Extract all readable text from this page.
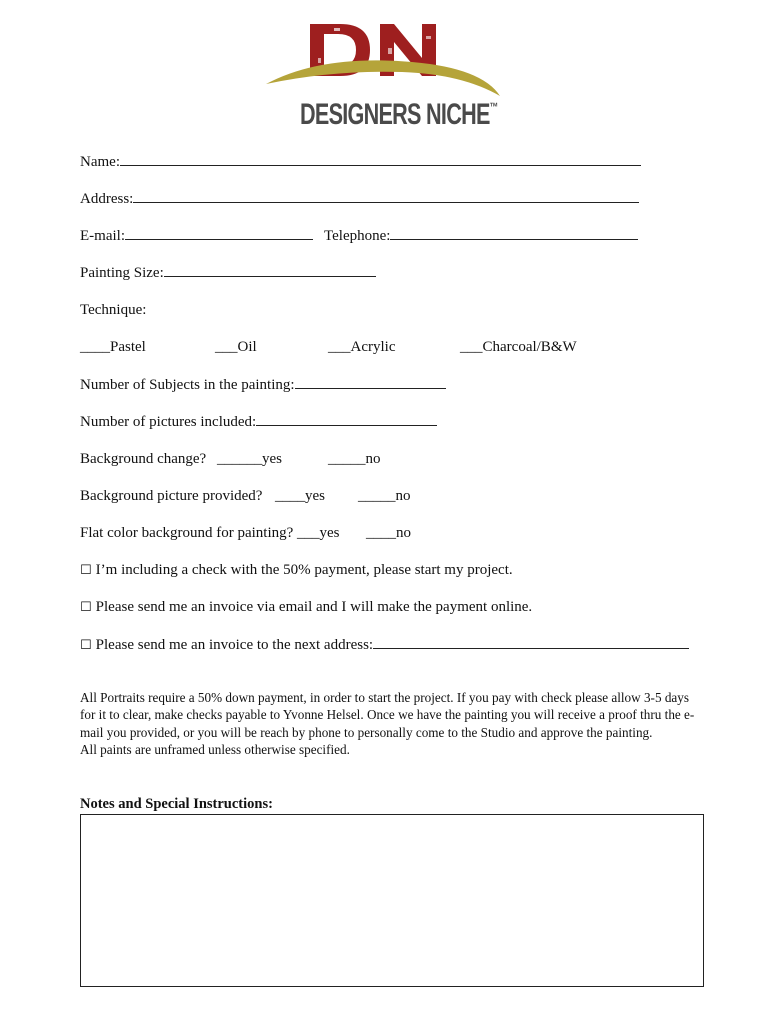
DESIGNERS NICHE™
Name:
Address:
E-mail:	Telephone:
Painting Size:
Technique:
____Pastel	___Oil	___Acrylic	___Charcoal/B&W
Number of Subjects in the painting:
Number of pictures included:
Background change? ______yes	_____no
Background picture provided? ____yes _____no
Flat color background for painting? ___yes ____no
☐ I’m including a check with the 50% payment, please start my project.
☐ Please send me an invoice via email and I will make the payment online.
☐ Please send me an invoice to the next address:

All Portraits require a 50% down payment, in order to start the project. If you pay with check please allow 3-5 days for it to clear, make checks payable to Yvonne Helsel. Once we have the painting you will receive a proof thru the e-mail you provided, or you will be reach by phone to personally come to the Studio and approve the painting.

All paints are unframed unless otherwise specified.

Notes and Special Instructions:
